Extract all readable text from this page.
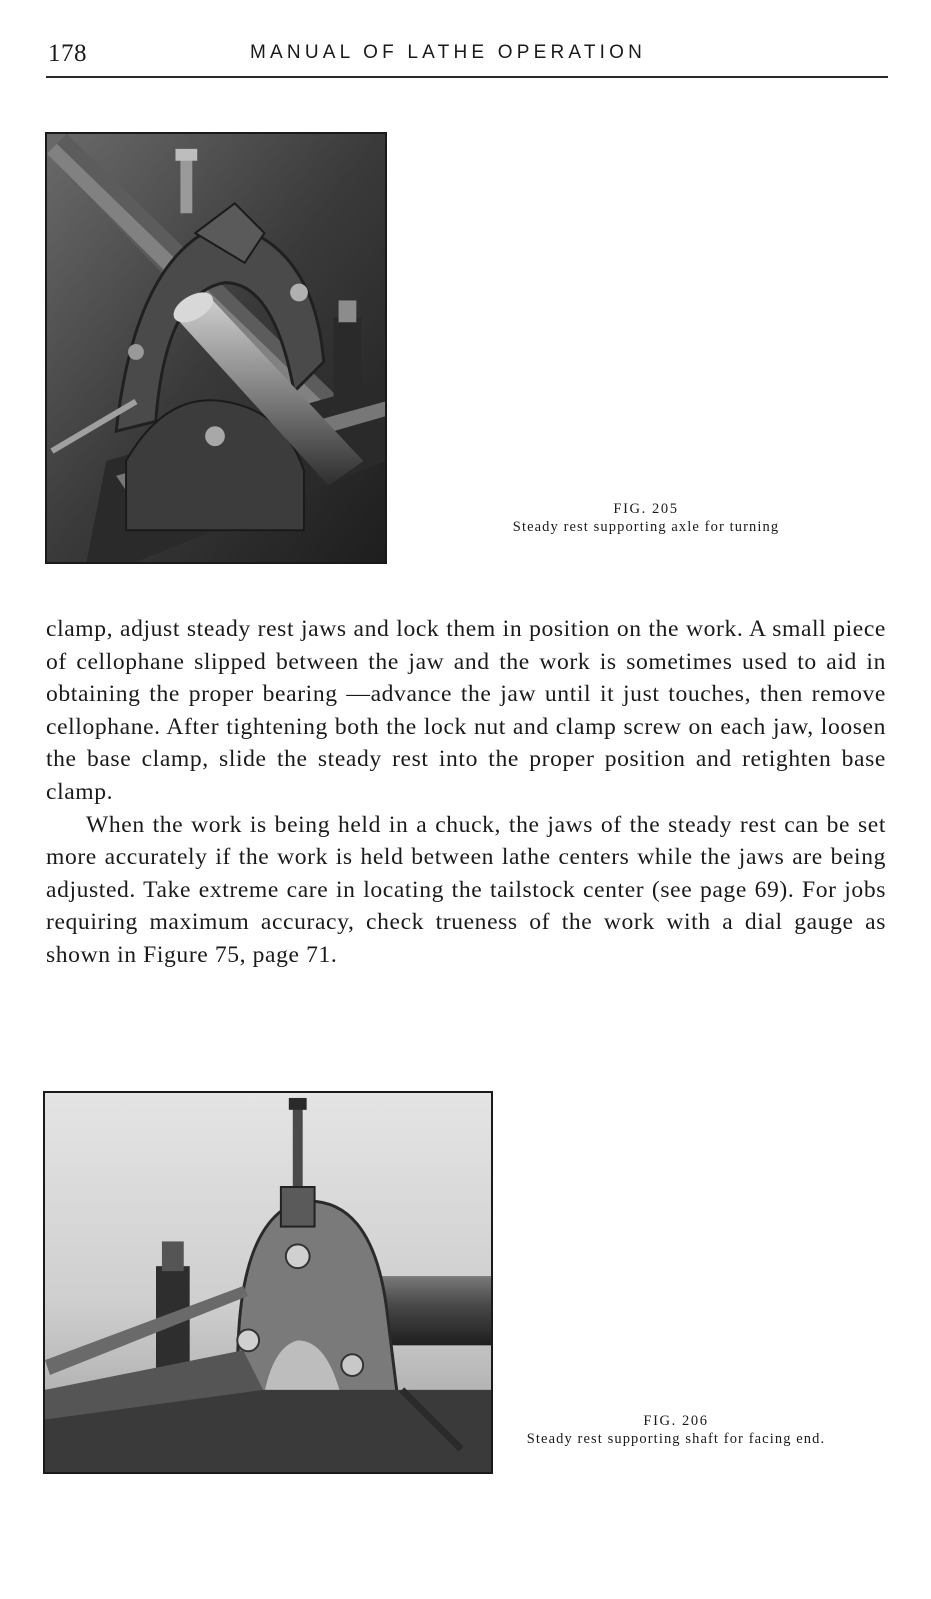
178	MANUAL OF LATHE OPERATION
FIG. 205
Steady rest supporting axle for turning

clamp, adjust steady rest jaws and lock them in position on the work. A small piece of cellophane slipped between the jaw and the work is sometimes used to aid in obtaining the proper bearing —advance the jaw until it just touches, then remove cellophane. After tightening both the lock nut and clamp screw on each jaw, loosen the base clamp, slide the steady rest into the proper position and retighten base clamp.

When the work is being held in a chuck, the jaws of the steady rest can be set more accurately if the work is held between lathe centers while the jaws are being adjusted. Take extreme care in locating the tailstock center (see page 69). For jobs requiring maximum accuracy, check trueness of the work with a dial gauge as shown in Figure 75, page 71.

FIG. 206
Steady rest supporting shaft for facing end.
